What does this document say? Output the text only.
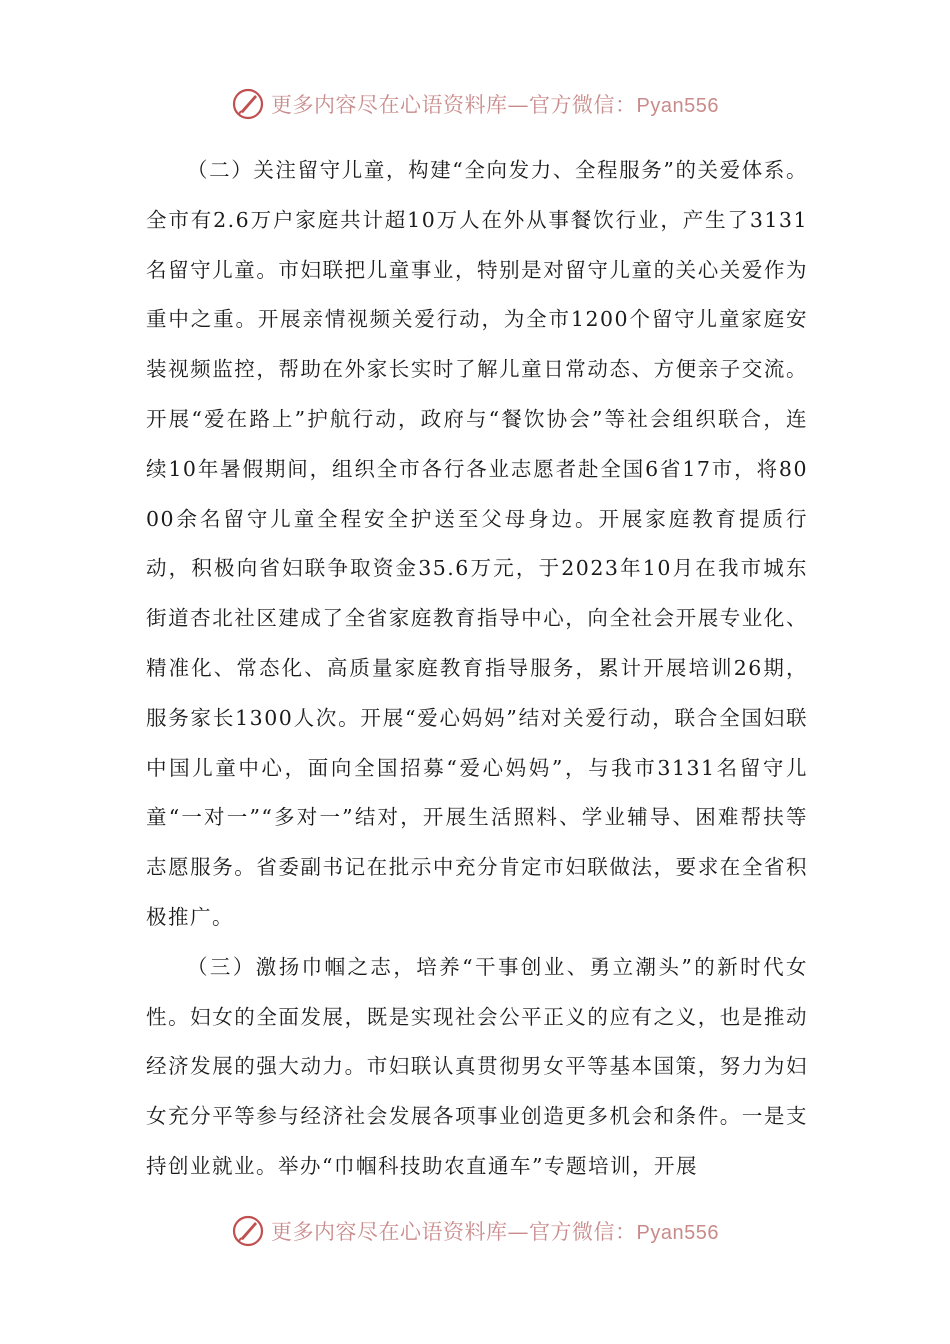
更多内容尽在心语资料库—官方微信：Pyan556

（二）关注留守儿童，构建“全向发力、全程服务”的关爱体系。全市有2.6万户家庭共计超10万人在外从事餐饮行业，产生了3131名留守儿童。市妇联把儿童事业，特别是对留守儿童的关心关爱作为重中之重。开展亲情视频关爱行动，为全市1200个留守儿童家庭安装视频监控，帮助在外家长实时了解儿童日常动态、方便亲子交流。开展“爱在路上”护航行动，政府与“餐饮协会”等社会组织联合，连续10年暑假期间，组织全市各行各业志愿者赴全国6省17市，将8000余名留守儿童全程安全护送至父母身边。开展家庭教育提质行动，积极向省妇联争取资金35.6万元，于2023年10月在我市城东街道杏北社区建成了全省家庭教育指导中心，向全社会开展专业化、精准化、常态化、高质量家庭教育指导服务，累计开展培训26期，服务家长1300人次。开展“爱心妈妈”结对关爱行动，联合全国妇联中国儿童中心，面向全国招募“爱心妈妈”，与我市3131名留守儿童“一对一”“多对一”结对，开展生活照料、学业辅导、困难帮扶等志愿服务。省委副书记在批示中充分肯定市妇联做法，要求在全省积极推广。

（三）激扬巾帼之志，培养“干事创业、勇立潮头”的新时代女性。妇女的全面发展，既是实现社会公平正义的应有之义，也是推动经济发展的强大动力。市妇联认真贯彻男女平等基本国策，努力为妇女充分平等参与经济社会发展各项事业创造更多机会和条件。一是支持创业就业。举办“巾帼科技助农直通车”专题培训，开展

更多内容尽在心语资料库—官方微信：Pyan556
